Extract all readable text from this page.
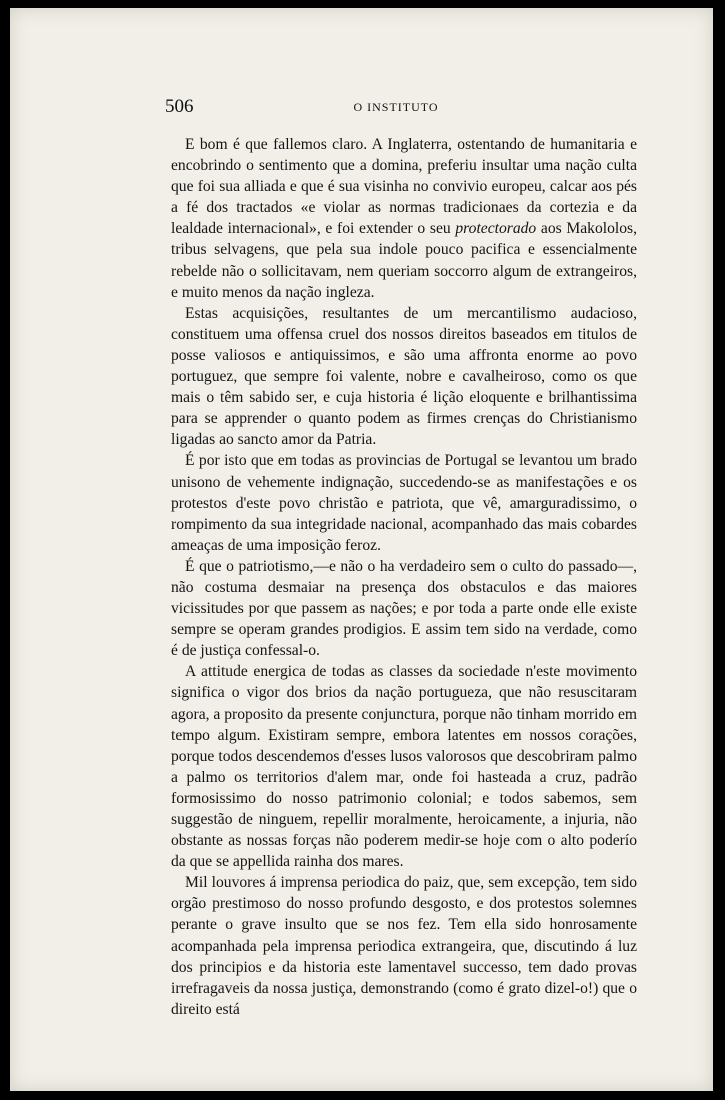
506	O INSTITUTO

E bom é que fallemos claro. A Inglaterra, ostentando de humanitaria e encobrindo o sentimento que a domina, preferiu insultar uma nação culta que foi sua alliada e que é sua visinha no convivio europeu, calcar aos pés a fé dos tractados «e violar as normas tradicionaes da cortezia e da lealdade internacional», e foi extender o seu protectorado aos Makololos, tribus selvagens, que pela sua indole pouco pacifica e essencialmente rebelde não o sollicitavam, nem queriam soccorro algum de extrangeiros, e muito menos da nação ingleza.

Estas acquisições, resultantes de um mercantilismo audacioso, constituem uma offensa cruel dos nossos direitos baseados em titulos de posse valiosos e antiquissimos, e são uma affronta enorme ao povo portuguez, que sempre foi valente, nobre e cavalheiroso, como os que mais o têm sabido ser, e cuja historia é lição eloquente e brilhantissima para se apprender o quanto podem as firmes crenças do Christianismo ligadas ao sancto amor da Patria.

É por isto que em todas as provincias de Portugal se levantou um brado unisono de vehemente indignação, succedendo-se as manifestações e os protestos d'este povo christão e patriota, que vê, amarguradissimo, o rompimento da sua integridade nacional, acompanhado das mais cobardes ameaças de uma imposição feroz.

É que o patriotismo,—e não o ha verdadeiro sem o culto do passado—, não costuma desmaiar na presença dos obstaculos e das maiores vicissitudes por que passem as nações; e por toda a parte onde elle existe sempre se operam grandes prodigios. E assim tem sido na verdade, como é de justiça confessal-o.

A attitude energica de todas as classes da sociedade n'este movimento significa o vigor dos brios da nação portugueza, que não resuscitaram agora, a proposito da presente conjunctura, porque não tinham morrido em tempo algum. Existiram sempre, embora latentes em nossos corações, porque todos descendemos d'esses lusos valorosos que descobriram palmo a palmo os territorios d'alem mar, onde foi hasteada a cruz, padrão formosissimo do nosso patrimonio colonial; e todos sabemos, sem suggestão de ninguem, repellir moralmente, heroicamente, a injuria, não obstante as nossas forças não poderem medir-se hoje com o alto poderío da que se appellida rainha dos mares.

Mil louvores á imprensa periodica do paiz, que, sem excepção, tem sido orgão prestimoso do nosso profundo desgosto, e dos protestos solemnes perante o grave insulto que se nos fez. Tem ella sido honrosamente acompanhada pela imprensa periodica extrangeira, que, discutindo á luz dos principios e da historia este lamentavel successo, tem dado provas irrefragaveis da nossa justiça, demonstrando (como é grato dizel-o!) que o direito está
